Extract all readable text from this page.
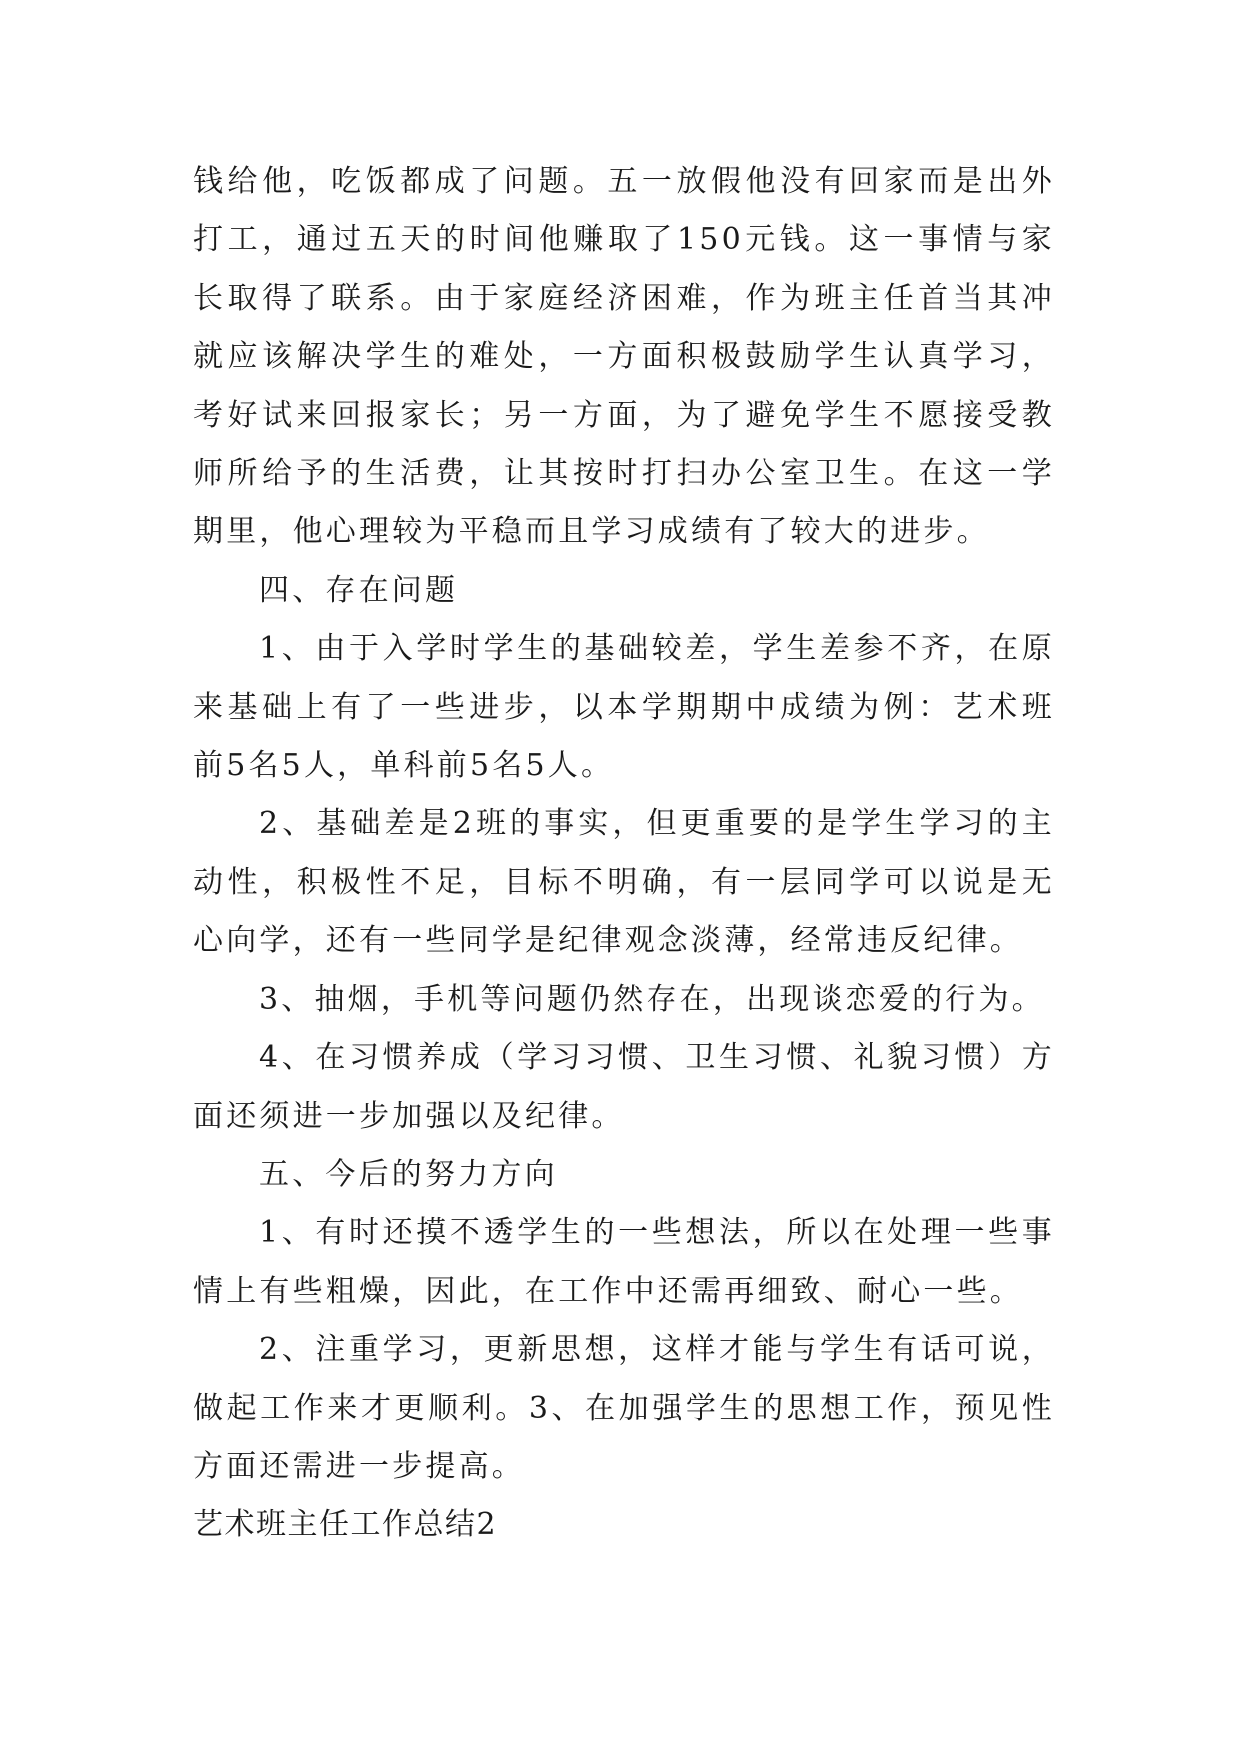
钱给他，吃饭都成了问题。五一放假他没有回家而是出外打工，通过五天的时间他赚取了150元钱。这一事情与家长取得了联系。由于家庭经济困难，作为班主任首当其冲就应该解决学生的难处，一方面积极鼓励学生认真学习，考好试来回报家长；另一方面，为了避免学生不愿接受教师所给予的生活费，让其按时打扫办公室卫生。在这一学期里，他心理较为平稳而且学习成绩有了较大的进步。

四、存在问题

1、由于入学时学生的基础较差，学生差参不齐，在原来基础上有了一些进步，以本学期期中成绩为例：艺术班前5名5人，单科前5名5人。

2、基础差是2班的事实，但更重要的是学生学习的主动性，积极性不足，目标不明确，有一层同学可以说是无心向学，还有一些同学是纪律观念淡薄，经常违反纪律。

3、抽烟，手机等问题仍然存在，出现谈恋爱的行为。

4、在习惯养成（学习习惯、卫生习惯、礼貌习惯）方面还须进一步加强以及纪律。

五、今后的努力方向

1、有时还摸不透学生的一些想法，所以在处理一些事情上有些粗燥，因此，在工作中还需再细致、耐心一些。

2、注重学习，更新思想，这样才能与学生有话可说，做起工作来才更顺利。3、在加强学生的思想工作，预见性方面还需进一步提高。

艺术班主任工作总结2
